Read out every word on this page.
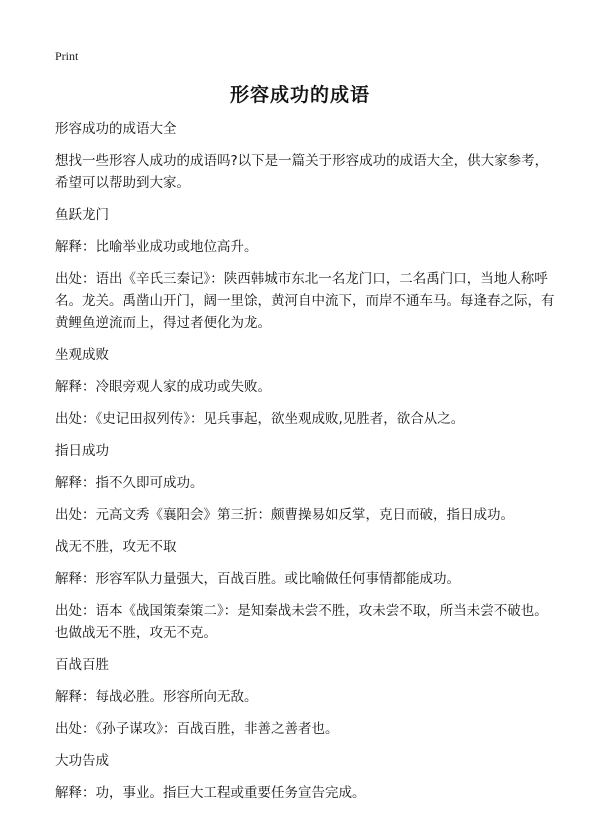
Print
形容成功的成语
形容成功的成语大全
想找一些形容人成功的成语吗?以下是一篇关于形容成功的成语大全，供大家参考，希望可以帮助到大家。
鱼跃龙门
解释：比喻举业成功或地位高升。
出处：语出《辛氏三秦记》：陕西韩城市东北一名龙门口，二名禹门口，当地人称呼名。龙关。禹凿山开门，阔一里馀，黄河自中流下，而岸不通车马。每逢春之际，有黄鲤鱼逆流而上，得过者便化为龙。
坐观成败
解释：冷眼旁观人家的成功或失败。
出处：《史记田叔列传》：见兵事起，欲坐观成败,见胜者，欲合从之。
指日成功
解释：指不久即可成功。
出处：元高文秀《襄阳会》第三折：颇曹操易如反掌，克日而破，指日成功。
战无不胜，攻无不取
解释：形容军队力量强大，百战百胜。或比喻做任何事情都能成功。
出处：语本《战国策秦策二》：是知秦战未尝不胜，攻未尝不取，所当未尝不破也。也做战无不胜，攻无不克。
百战百胜
解释：每战必胜。形容所向无敌。
出处：《孙子谋攻》：百战百胜，非善之善者也。
大功告成
解释：功，事业。指巨大工程或重要任务宣告完成。
